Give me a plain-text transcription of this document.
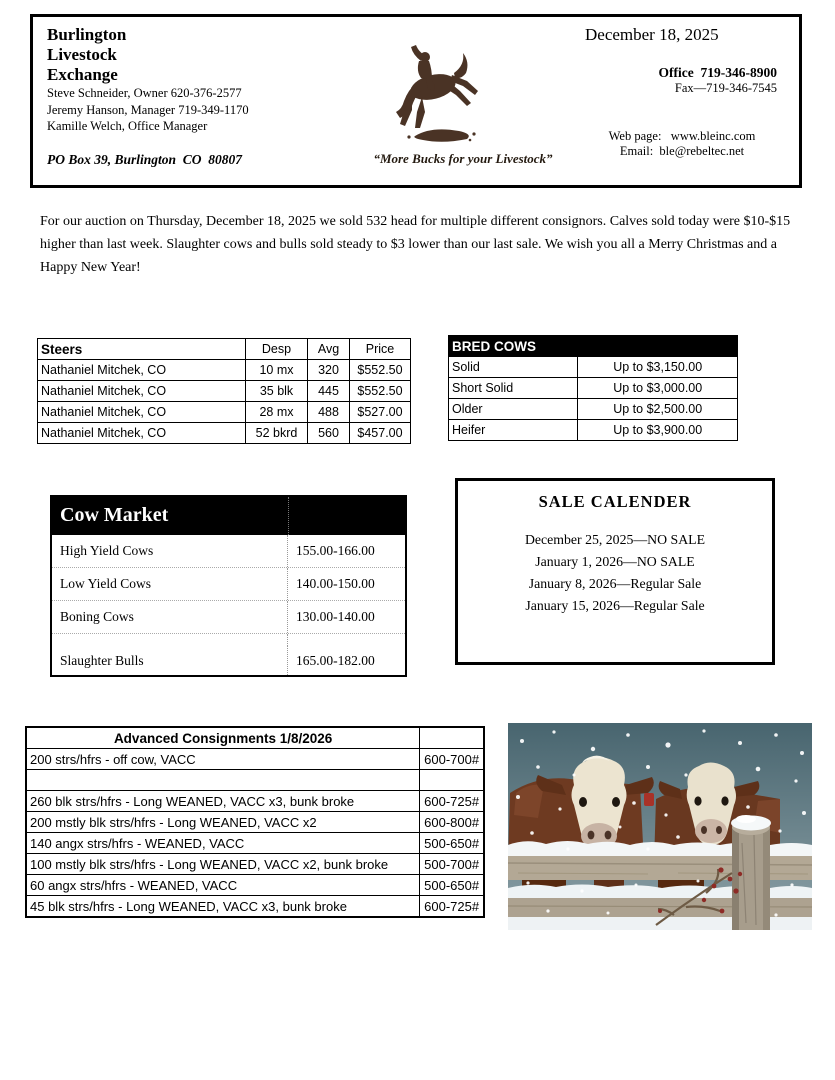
Burlington
Livestock
Exchange
Steve Schneider, Owner 620-376-2577
Jeremy Hanson, Manager 719-349-1170
Kamille Welch, Office Manager
PO Box 39, Burlington  CO  80807	“More Bucks for your Livestock”
December 18, 2025
Office  719-346-8900
Fax—719-346-7545
Web page:   www.bleinc.com
Email:  ble@rebeltec.net

For our auction on Thursday, December 18, 2025 we sold 532 head for multiple different consignors. Calves sold today were $10-$15 higher than last week. Slaughter cows and bulls sold steady to $3 lower than our last sale. We wish you all a Merry Christmas and a Happy New Year!

Steers	Desp	Avg	Price
Nathaniel Mitchek, CO	10 mx	320	$552.50
Nathaniel Mitchek, CO	35 blk	445	$552.50
Nathaniel Mitchek, CO	28 mx	488	$527.00
Nathaniel Mitchek, CO	52 bkrd	560	$457.00
BRED COWS	
Solid	Up to $3,150.00
Short Solid	Up to $3,000.00
Older	Up to $2,500.00
Heifer	Up to $3,900.00
Cow Market
High Yield Cows	155.00-166.00
Low Yield Cows	140.00-150.00
Boning Cows	130.00-140.00
Slaughter Bulls	165.00-182.00
SALE CALENDER
December 25, 2025—NO SALE
January 1, 2026—NO SALE
January 8, 2026—Regular Sale
January 15, 2026—Regular Sale
Advanced Consignments 1/8/2026	
200 strs/hfrs - off cow, VACC	600-700#

260 blk strs/hfrs - Long WEANED, VACC x3, bunk broke	600-725#
200 mstly blk strs/hfrs - Long WEANED, VACC x2	600-800#
140 angx strs/hfrs - WEANED, VACC	500-650#
100 mstly blk strs/hfrs - Long WEANED, VACC x2, bunk broke	500-700#
60 angx strs/hfrs - WEANED, VACC	500-650#
45 blk strs/hfrs - Long WEANED, VACC x3, bunk broke	600-725#
